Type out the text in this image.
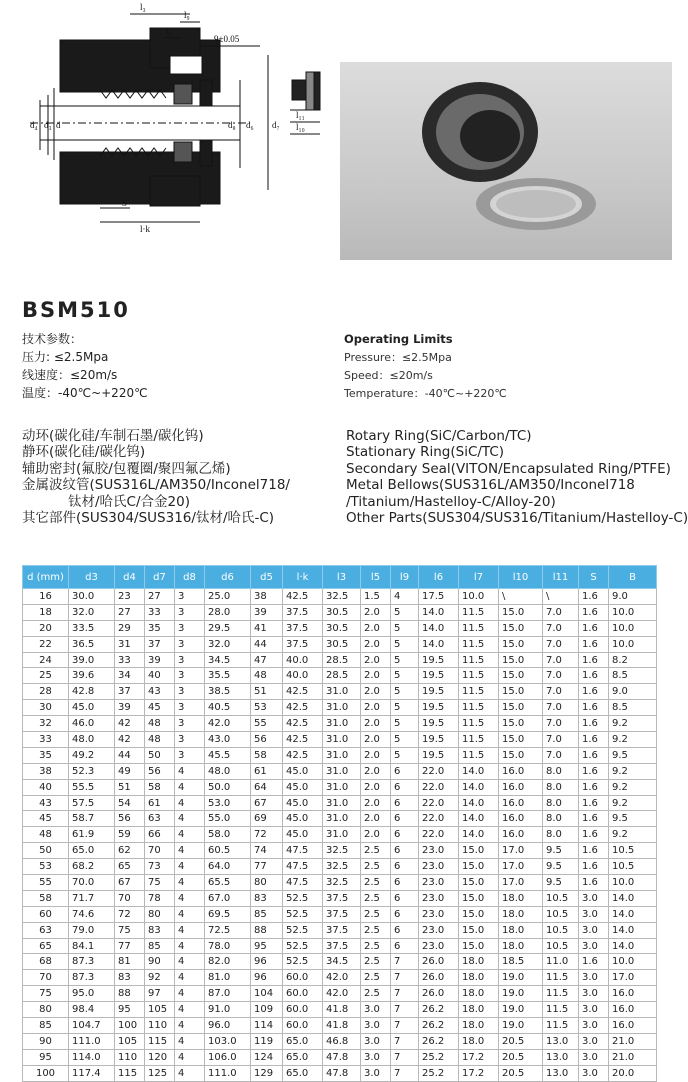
l₃
l₉
l₅
9±0.05
S
l·k
d₄ d₃ d	d₈ d₆ d₇
l₁₁
l₁₀
BSM510
技术参数：
压力: ≤2.5Mpa
线速度：≤20m/s
温度：-40℃~+220℃
Operating Limits
Pressure：≤2.5Mpa
Speed：≤20m/s
Temperature：-40℃~+220℃
动环(碳化硅/车制石墨/碳化钨)
静环(碳化硅/碳化钨)
辅助密封(氟胶/包覆圈/聚四氟乙烯)
金属波纹管(SUS316L/AM350/Inconel718/
钛材/哈氏C/合金20)
其它部件(SUS304/SUS316/钛材/哈氏-C)
Rotary Ring(SiC/Carbon/TC)
Stationary Ring(SiC/TC)
Secondary Seal(VITON/Encapsulated Ring/PTFE)
Metal Bellows(SUS316L/AM350/Inconel718
/Titanium/Hastelloy-C/Alloy-20)
Other Parts(SUS304/SUS316/Titanium/Hastelloy-C)
d (mm)	d3	d4	d7	d8	d6	d5	l·k	l3	l5	l9	l6	l7	l10	l11	S	B
16	30.0	23	27	3	25.0	38	42.5	32.5	1.5	4	17.5	10.0	\	\	1.6	9.0
18	32.0	27	33	3	28.0	39	37.5	30.5	2.0	5	14.0	11.5	15.0	7.0	1.6	10.0
20	33.5	29	35	3	29.5	41	37.5	30.5	2.0	5	14.0	11.5	15.0	7.0	1.6	10.0
22	36.5	31	37	3	32.0	44	37.5	30.5	2.0	5	14.0	11.5	15.0	7.0	1.6	10.0
24	39.0	33	39	3	34.5	47	40.0	28.5	2.0	5	19.5	11.5	15.0	7.0	1.6	8.2
25	39.6	34	40	3	35.5	48	40.0	28.5	2.0	5	19.5	11.5	15.0	7.0	1.6	8.5
28	42.8	37	43	3	38.5	51	42.5	31.0	2.0	5	19.5	11.5	15.0	7.0	1.6	9.0
30	45.0	39	45	3	40.5	53	42.5	31.0	2.0	5	19.5	11.5	15.0	7.0	1.6	8.5
32	46.0	42	48	3	42.0	55	42.5	31.0	2.0	5	19.5	11.5	15.0	7.0	1.6	9.2
33	48.0	42	48	3	43.0	56	42.5	31.0	2.0	5	19.5	11.5	15.0	7.0	1.6	9.2
35	49.2	44	50	3	45.5	58	42.5	31.0	2.0	5	19.5	11.5	15.0	7.0	1.6	9.5
38	52.3	49	56	4	48.0	61	45.0	31.0	2.0	6	22.0	14.0	16.0	8.0	1.6	9.2
40	55.5	51	58	4	50.0	64	45.0	31.0	2.0	6	22.0	14.0	16.0	8.0	1.6	9.2
43	57.5	54	61	4	53.0	67	45.0	31.0	2.0	6	22.0	14.0	16.0	8.0	1.6	9.2
45	58.7	56	63	4	55.0	69	45.0	31.0	2.0	6	22.0	14.0	16.0	8.0	1.6	9.5
48	61.9	59	66	4	58.0	72	45.0	31.0	2.0	6	22.0	14.0	16.0	8.0	1.6	9.2
50	65.0	62	70	4	60.5	74	47.5	32.5	2.5	6	23.0	15.0	17.0	9.5	1.6	10.5
53	68.2	65	73	4	64.0	77	47.5	32.5	2.5	6	23.0	15.0	17.0	9.5	1.6	10.5
55	70.0	67	75	4	65.5	80	47.5	32.5	2.5	6	23.0	15.0	17.0	9.5	1.6	10.0
58	71.7	70	78	4	67.0	83	52.5	37.5	2.5	6	23.0	15.0	18.0	10.5	3.0	14.0
60	74.6	72	80	4	69.5	85	52.5	37.5	2.5	6	23.0	15.0	18.0	10.5	3.0	14.0
63	79.0	75	83	4	72.5	88	52.5	37.5	2.5	6	23.0	15.0	18.0	10.5	3.0	14.0
65	84.1	77	85	4	78.0	95	52.5	37.5	2.5	6	23.0	15.0	18.0	10.5	3.0	14.0
68	87.3	81	90	4	82.0	96	52.5	34.5	2.5	7	26.0	18.0	18.5	11.0	1.6	10.0
70	87.3	83	92	4	81.0	96	60.0	42.0	2.5	7	26.0	18.0	19.0	11.5	3.0	17.0
75	95.0	88	97	4	87.0	104	60.0	42.0	2.5	7	26.0	18.0	19.0	11.5	3.0	16.0
80	98.4	95	105	4	91.0	109	60.0	41.8	3.0	7	26.2	18.0	19.0	11.5	3.0	16.0
85	104.7	100	110	4	96.0	114	60.0	41.8	3.0	7	26.2	18.0	19.0	11.5	3.0	16.0
90	111.0	105	115	4	103.0	119	65.0	46.8	3.0	7	26.2	18.0	20.5	13.0	3.0	21.0
95	114.0	110	120	4	106.0	124	65.0	47.8	3.0	7	25.2	17.2	20.5	13.0	3.0	21.0
100	117.4	115	125	4	111.0	129	65.0	47.8	3.0	7	25.2	17.2	20.5	13.0	3.0	20.0
